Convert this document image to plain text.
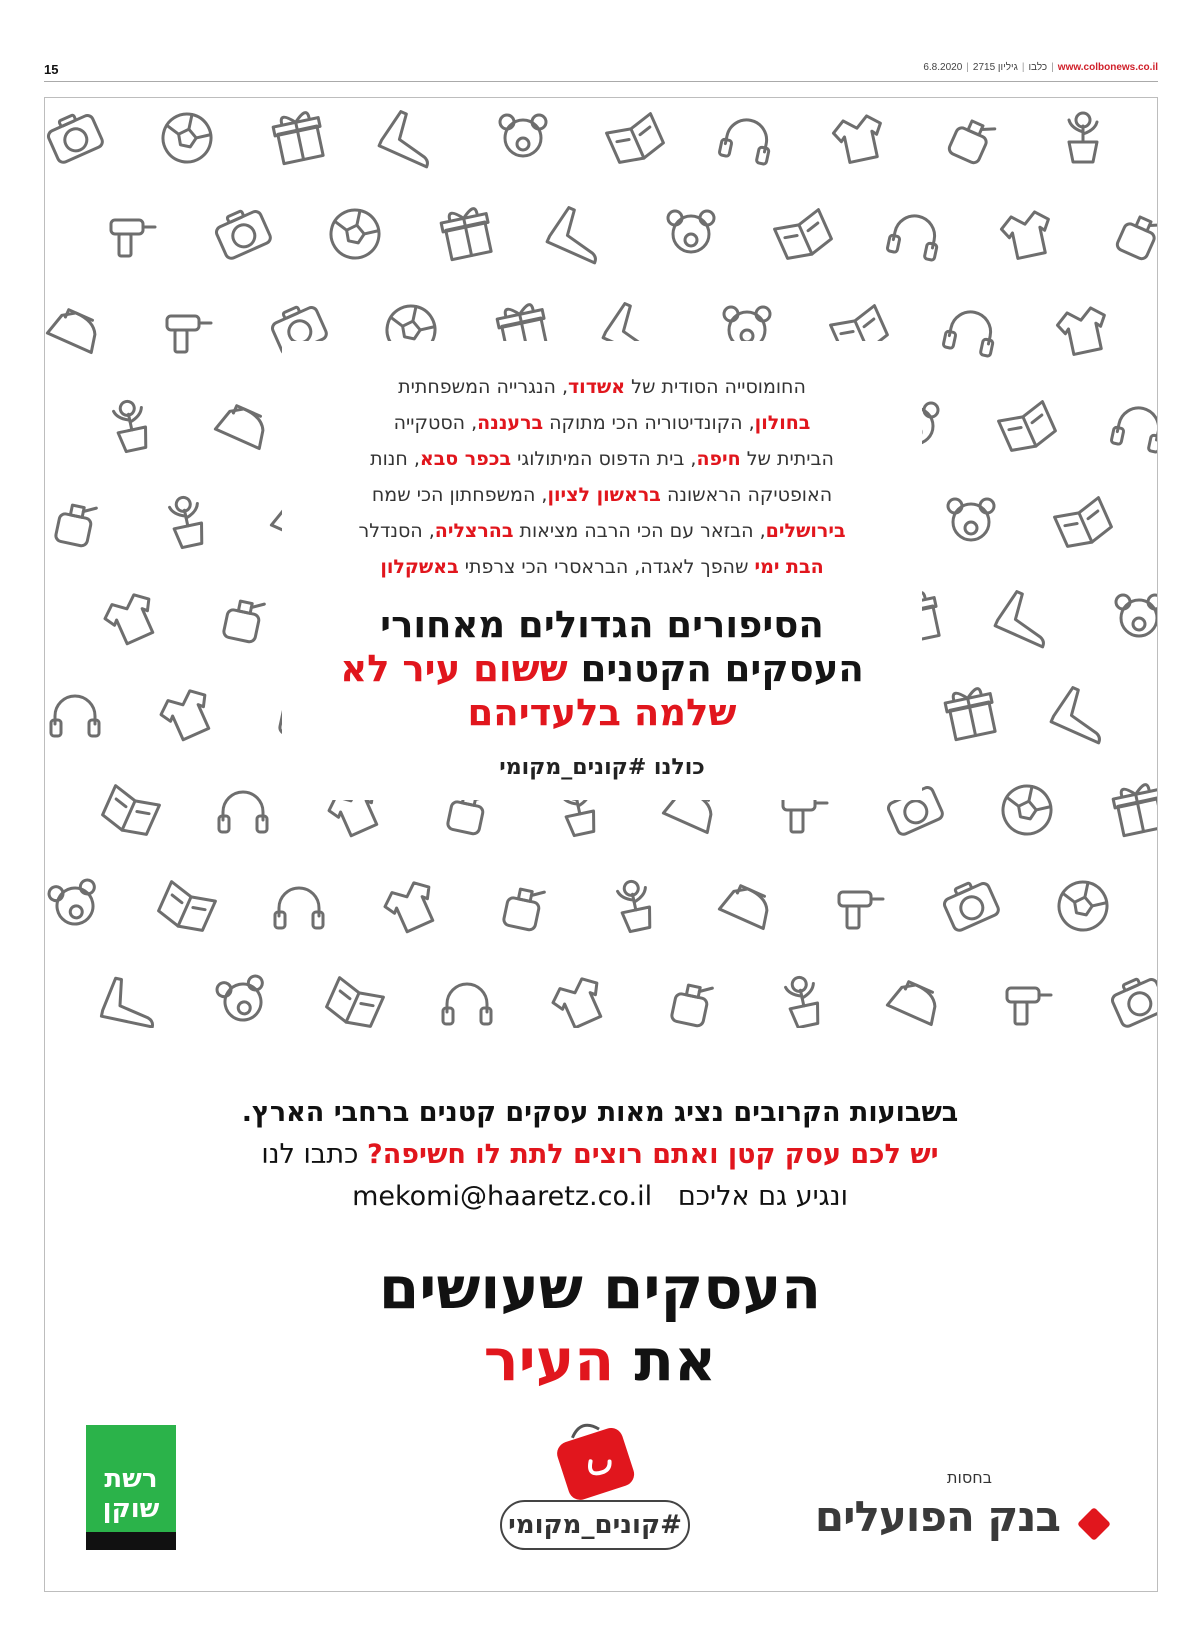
15	www.colbonews.co.il|כלבו|גיליון 2715|6.8.2020
החומוסייה הסודית של אשדוד, הנגרייה המשפחתית
בחולון, הקונדיטוריה הכי מתוקה ברעננה, הסטקייה
הביתית של חיפה, בית הדפוס המיתולוגי בכפר סבא, חנות
האופטיקה הראשונה בראשון לציון, המשפחתון הכי שמח
בירושלים, הבזאר עם הכי הרבה מציאות בהרצליה, הסנדלר
הבת ימי שהפך לאגדה, הבראסרי הכי צרפתי באשקלון
הסיפורים הגדולים מאחורי
העסקים הקטנים ששום עיר לא
שלמה בלעדיהם
כולנו #קונים_מקומי
בשבועות הקרובים נציג מאות עסקים קטנים ברחבי הארץ.
יש לכם עסק קטן ואתם רוצים לתת לו חשיפה? כתבו לנו
ונגיע גם אליכם   mekomi@haaretz.co.il
העסקים שעושים
את העיר
רשת
שוקן
#קונים_מקומי
בחסות
בנק הפועלים
